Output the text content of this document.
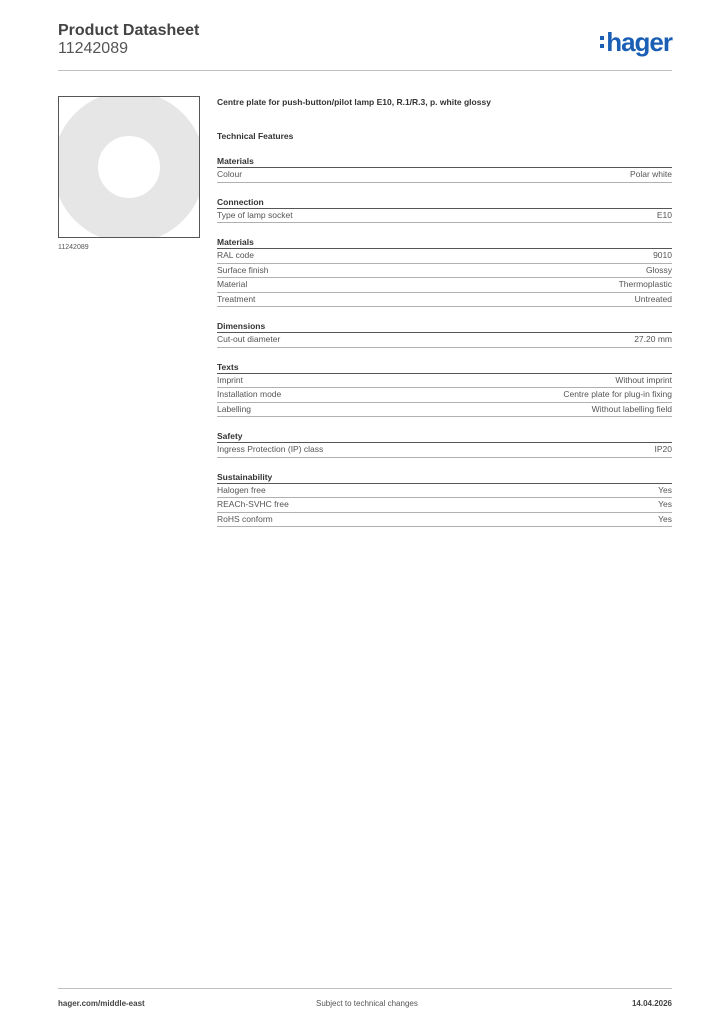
Product Datasheet
11242089	hager
11242089
Centre plate for push-button/pilot lamp E10, R.1/R.3, p. white glossy
Technical Features
Materials
Colour	Polar white
Connection
Type of lamp socket	E10
Materials
RAL code	9010
Surface finish	Glossy
Material	Thermoplastic
Treatment	Untreated
Dimensions
Cut-out diameter	27.20 mm
Texts
Imprint	Without imprint
Installation mode	Centre plate for plug-in fixing
Labelling	Without labelling field
Safety
Ingress Protection (IP) class	IP20
Sustainability
Halogen free	Yes
REACh-SVHC free	Yes
RoHS conform	Yes
hager.com/middle-east	Subject to technical changes	14.04.2026
